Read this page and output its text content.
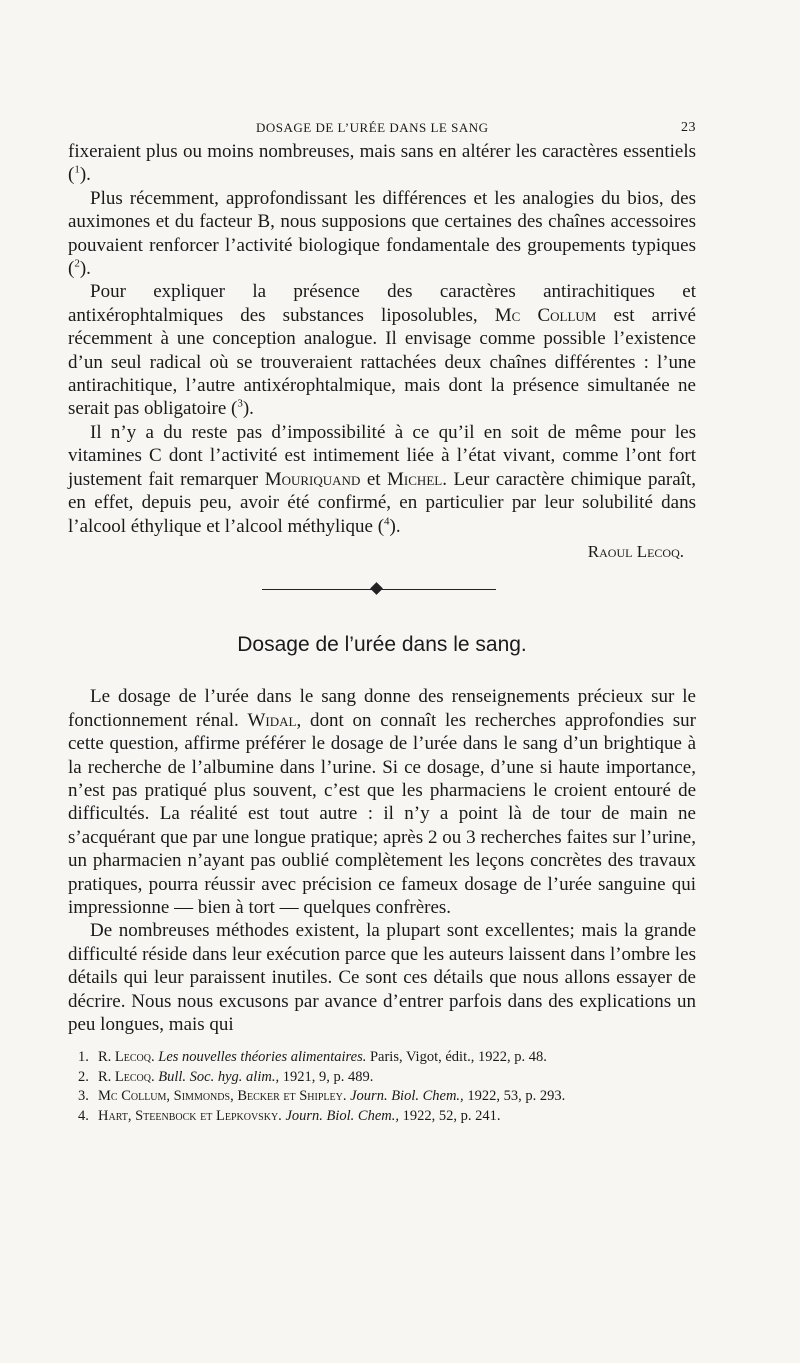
DOSAGE DE L’URÉE DANS LE SANG	23

fixeraient plus ou moins nombreuses, mais sans en altérer les caractères essentiels ($^1$).

Plus récemment, approfondissant les différences et les analogies du bios, des auximones et du facteur B, nous supposions que certaines des chaînes accessoires pouvaient renforcer l’activité biologique fondamentale des groupements typiques ($^2$).

Pour expliquer la présence des caractères antirachitiques et antixérophtalmiques des substances liposolubles, Mc Collum est arrivé récemment à une conception analogue. Il envisage comme possible l’existence d’un seul radical où se trouveraient rattachées deux chaînes différentes : l’une antirachitique, l’autre antixérophtalmique, mais dont la présence simultanée ne serait pas obligatoire ($^3$).

Il n’y a du reste pas d’impossibilité à ce qu’il en soit de même pour les vitamines C dont l’activité est intimement liée à l’état vivant, comme l’ont fort justement fait remarquer Mouriquand et Michel. Leur caractère chimique paraît, en effet, depuis peu, avoir été confirmé, en particulier par leur solubilité dans l’alcool éthylique et l’alcool méthylique ($^4$).

Raoul Lecoq.
Dosage de l’urée dans le sang.

Le dosage de l’urée dans le sang donne des renseignements précieux sur le fonctionnement rénal. Widal, dont on connaît les recherches approfondies sur cette question, affirme préférer le dosage de l’urée dans le sang d’un brightique à la recherche de l’albumine dans l’urine. Si ce dosage, d’une si haute importance, n’est pas pratiqué plus souvent, c’est que les pharmaciens le croient entouré de difficultés. La réalité est tout autre : il n’y a point là de tour de main ne s’acquérant que par une longue pratique; après 2 ou 3 recherches faites sur l’urine, un pharmacien n’ayant pas oublié complètement les leçons concrètes des travaux pratiques, pourra réussir avec précision ce fameux dosage de l’urée sanguine qui impressionne — bien à tort — quelques confrères.

De nombreuses méthodes existent, la plupart sont excellentes; mais la grande difficulté réside dans leur exécution parce que les auteurs laissent dans l’ombre les détails qui leur paraissent inutiles. Ce sont ces détails que nous allons essayer de décrire. Nous nous excusons par avance d’entrer parfois dans des explications un peu longues, mais qui

1. R. Lecoq. Les nouvelles théories alimentaires. Paris, Vigot, édit., 1922, p. 48.
2. R. Lecoq. Bull. Soc. hyg. alim., 1921, 9, p. 489.
3. Mc Collum, Simmonds, Becker et Shipley. Journ. Biol. Chem., 1922, 53, p. 293.
4. Hart, Steenbock et Lepkovsky. Journ. Biol. Chem., 1922, 52, p. 241.
